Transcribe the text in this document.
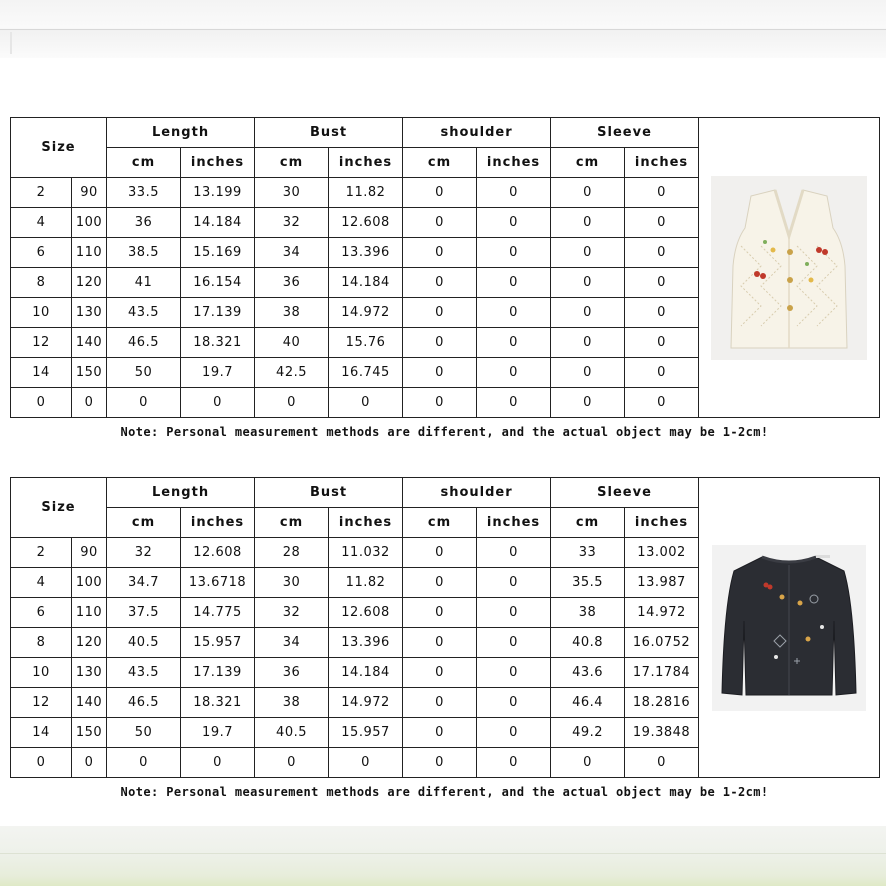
Size		Length		Bust		shoulder		Sleeve	

		cm	inches	cm	inches	cm	inches	cm	inches	
2	90	33.5	13.199	30	11.82	0	0	0	0	
4	100	36	14.184	32	12.608	0	0	0	0	
6	110	38.5	15.169	34	13.396	0	0	0	0	
8	120	41	16.154	36	14.184	0	0	0	0	
10	130	43.5	17.139	38	14.972	0	0	0	0	
12	140	46.5	18.321	40	15.76	0	0	0	0	
14	150	50	19.7	42.5	16.745	0	0	0	0	
0	0	0	0	0	0	0	0	0	0	
Note: Personal measurement methods are different, and the actual object may be 1-2cm!
Size		Length		Bust		shoulder		Sleeve	

		cm	inches	cm	inches	cm	inches	cm	inches	
2	90	32	12.608	28	11.032	0	0	33	13.002	
4	100	34.7	13.6718	30	11.82	0	0	35.5	13.987	
6	110	37.5	14.775	32	12.608	0	0	38	14.972	
8	120	40.5	15.957	34	13.396	0	0	40.8	16.0752	
10	130	43.5	17.139	36	14.184	0	0	43.6	17.1784	
12	140	46.5	18.321	38	14.972	0	0	46.4	18.2816	
14	150	50	19.7	40.5	15.957	0	0	49.2	19.3848	
0	0	0	0	0	0	0	0	0	0	
Note: Personal measurement methods are different, and the actual object may be 1-2cm!
